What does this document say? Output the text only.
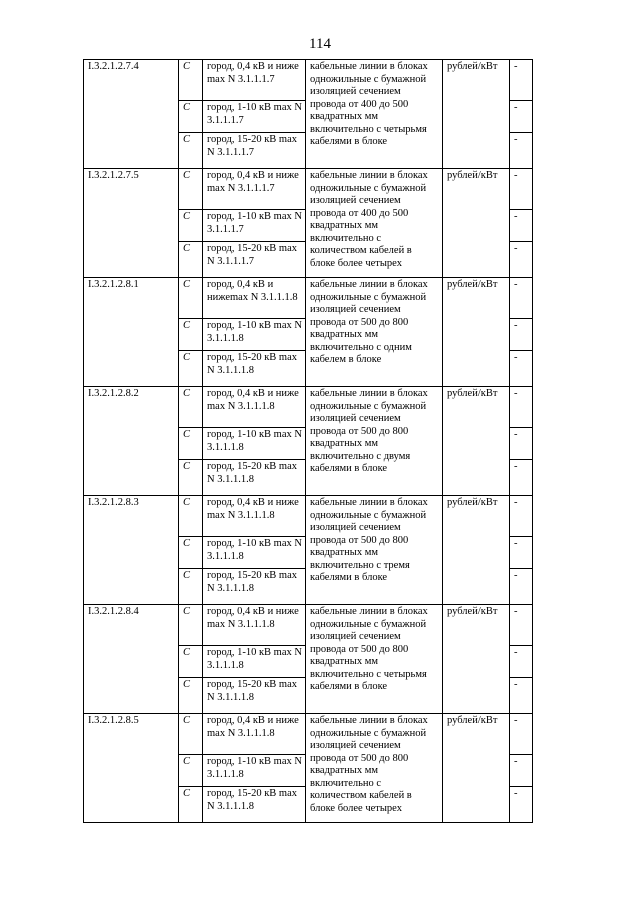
114
I.3.2.1.2.7.4	C	город, 0,4 кВ и ниже max N 3.1.1.1.7	кабельные линии в блоках одножильные с бумажной изоляцией сечением провода от 400 до 500 квадратных мм включительно с четырьмя кабелями в блоке	рублей/кВт	-
	C	город, 1-10 кВ max N 3.1.1.1.7			-
	C	город, 15-20 кВ max N 3.1.1.1.7			-
I.3.2.1.2.7.5	C	город, 0,4 кВ и ниже max N 3.1.1.1.7	кабельные линии в блоках одножильные с бумажной изоляцией сечением провода от 400 до 500 квадратных мм включительно с количеством кабелей в блоке более четырех	рублей/кВт	-
	C	город, 1-10 кВ max N 3.1.1.1.7			-
	C	город, 15-20 кВ max N 3.1.1.1.7			-
I.3.2.1.2.8.1	C	город, 0,4 кВ и нижеmax N 3.1.1.1.8	кабельные линии в блоках одножильные с бумажной изоляцией сечением провода от 500 до 800 квадратных мм включительно с одним кабелем в блоке	рублей/кВт	-
	C	город, 1-10 кВ max N 3.1.1.1.8			-
	C	город, 15-20 кВ max N 3.1.1.1.8			-
I.3.2.1.2.8.2	C	город, 0,4 кВ и ниже max N 3.1.1.1.8	кабельные линии в блоках одножильные с бумажной изоляцией сечением провода от 500 до 800 квадратных мм включительно с двумя кабелями в блоке	рублей/кВт	-
	C	город, 1-10 кВ max N 3.1.1.1.8			-
	C	город, 15-20 кВ max N 3.1.1.1.8			-
I.3.2.1.2.8.3	C	город, 0,4 кВ и ниже max N 3.1.1.1.8	кабельные линии в блоках одножильные с бумажной изоляцией сечением провода от 500 до 800 квадратных мм включительно с тремя кабелями в блоке	рублей/кВт	-
	C	город, 1-10 кВ max N 3.1.1.1.8			-
	C	город, 15-20 кВ max N 3.1.1.1.8			-
I.3.2.1.2.8.4	C	город, 0,4 кВ и ниже max N 3.1.1.1.8	кабельные линии в блоках одножильные с бумажной изоляцией сечением провода от 500 до 800 квадратных мм включительно с четырьмя кабелями в блоке	рублей/кВт	-
	C	город, 1-10 кВ max N 3.1.1.1.8			-
	C	город, 15-20 кВ max N 3.1.1.1.8			-
I.3.2.1.2.8.5	C	город, 0,4 кВ и ниже max N 3.1.1.1.8	кабельные линии в блоках одножильные с бумажной изоляцией сечением провода от 500 до 800 квадратных мм включительно с количеством кабелей в блоке более четырех	рублей/кВт	-
	C	город, 1-10 кВ max N 3.1.1.1.8			-
	C	город, 15-20 кВ max N 3.1.1.1.8			-
